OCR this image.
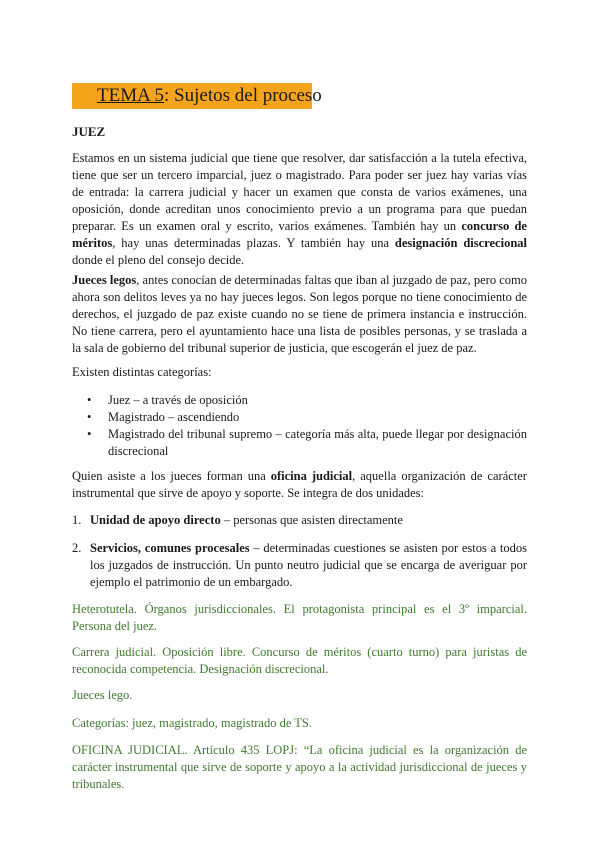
TEMA 5: Sujetos del proceso
JUEZ

Estamos en un sistema judicial que tiene que resolver, dar satisfacción a la tutela efectiva, tiene que ser un tercero imparcial, juez o magistrado. Para poder ser juez hay varias vías de entrada: la carrera judicial y hacer un examen que consta de varios exámenes, una oposición, donde acreditan unos conocimiento previo a un programa para que puedan preparar. Es un examen oral y escrito, varios exámenes. También hay un concurso de méritos, hay unas determinadas plazas. Y también hay una designación discrecional donde el pleno del consejo decide.

Jueces legos, antes conocían de determinadas faltas que iban al juzgado de paz, pero como ahora son delitos leves ya no hay jueces legos. Son legos porque no tiene conocimiento de derechos, el juzgado de paz existe cuando no se tiene de primera instancia e instrucción. No tiene carrera, pero el ayuntamiento hace una lista de posibles personas, y se traslada a la sala de gobierno del tribunal superior de justicia, que escogerán el juez de paz.

Existen distintas categorías:

• Juez – a través de oposición
• Magistrado – ascendiendo
• Magistrado del tribunal supremo – categoría más alta, puede llegar por designación discrecional

Quien asiste a los jueces forman una oficina judicial, aquella organización de carácter instrumental que sirve de apoyo y soporte. Se integra de dos unidades:

1. Unidad de apoyo directo – personas que asisten directamente
2. Servicios, comunes procesales – determinadas cuestiones se asisten por estos a todos los juzgados de instrucción. Un punto neutro judicial que se encarga de averiguar por ejemplo el patrimonio de un embargado.

Heterotutela. Órganos jurisdiccionales. El protagonista principal es el 3º imparcial. Persona del juez.

Carrera judicial. Oposición libre. Concurso de méritos (cuarto turno) para juristas de reconocida competencia. Designación discrecional.

Jueces lego.

Categorías: juez, magistrado, magistrado de TS.

OFICINA JUDICIAL. Artículo 435 LOPJ: “La oficina judicial es la organización de carácter instrumental que sirve de soporte y apoyo a la actividad jurisdiccional de jueces y tribunales.
